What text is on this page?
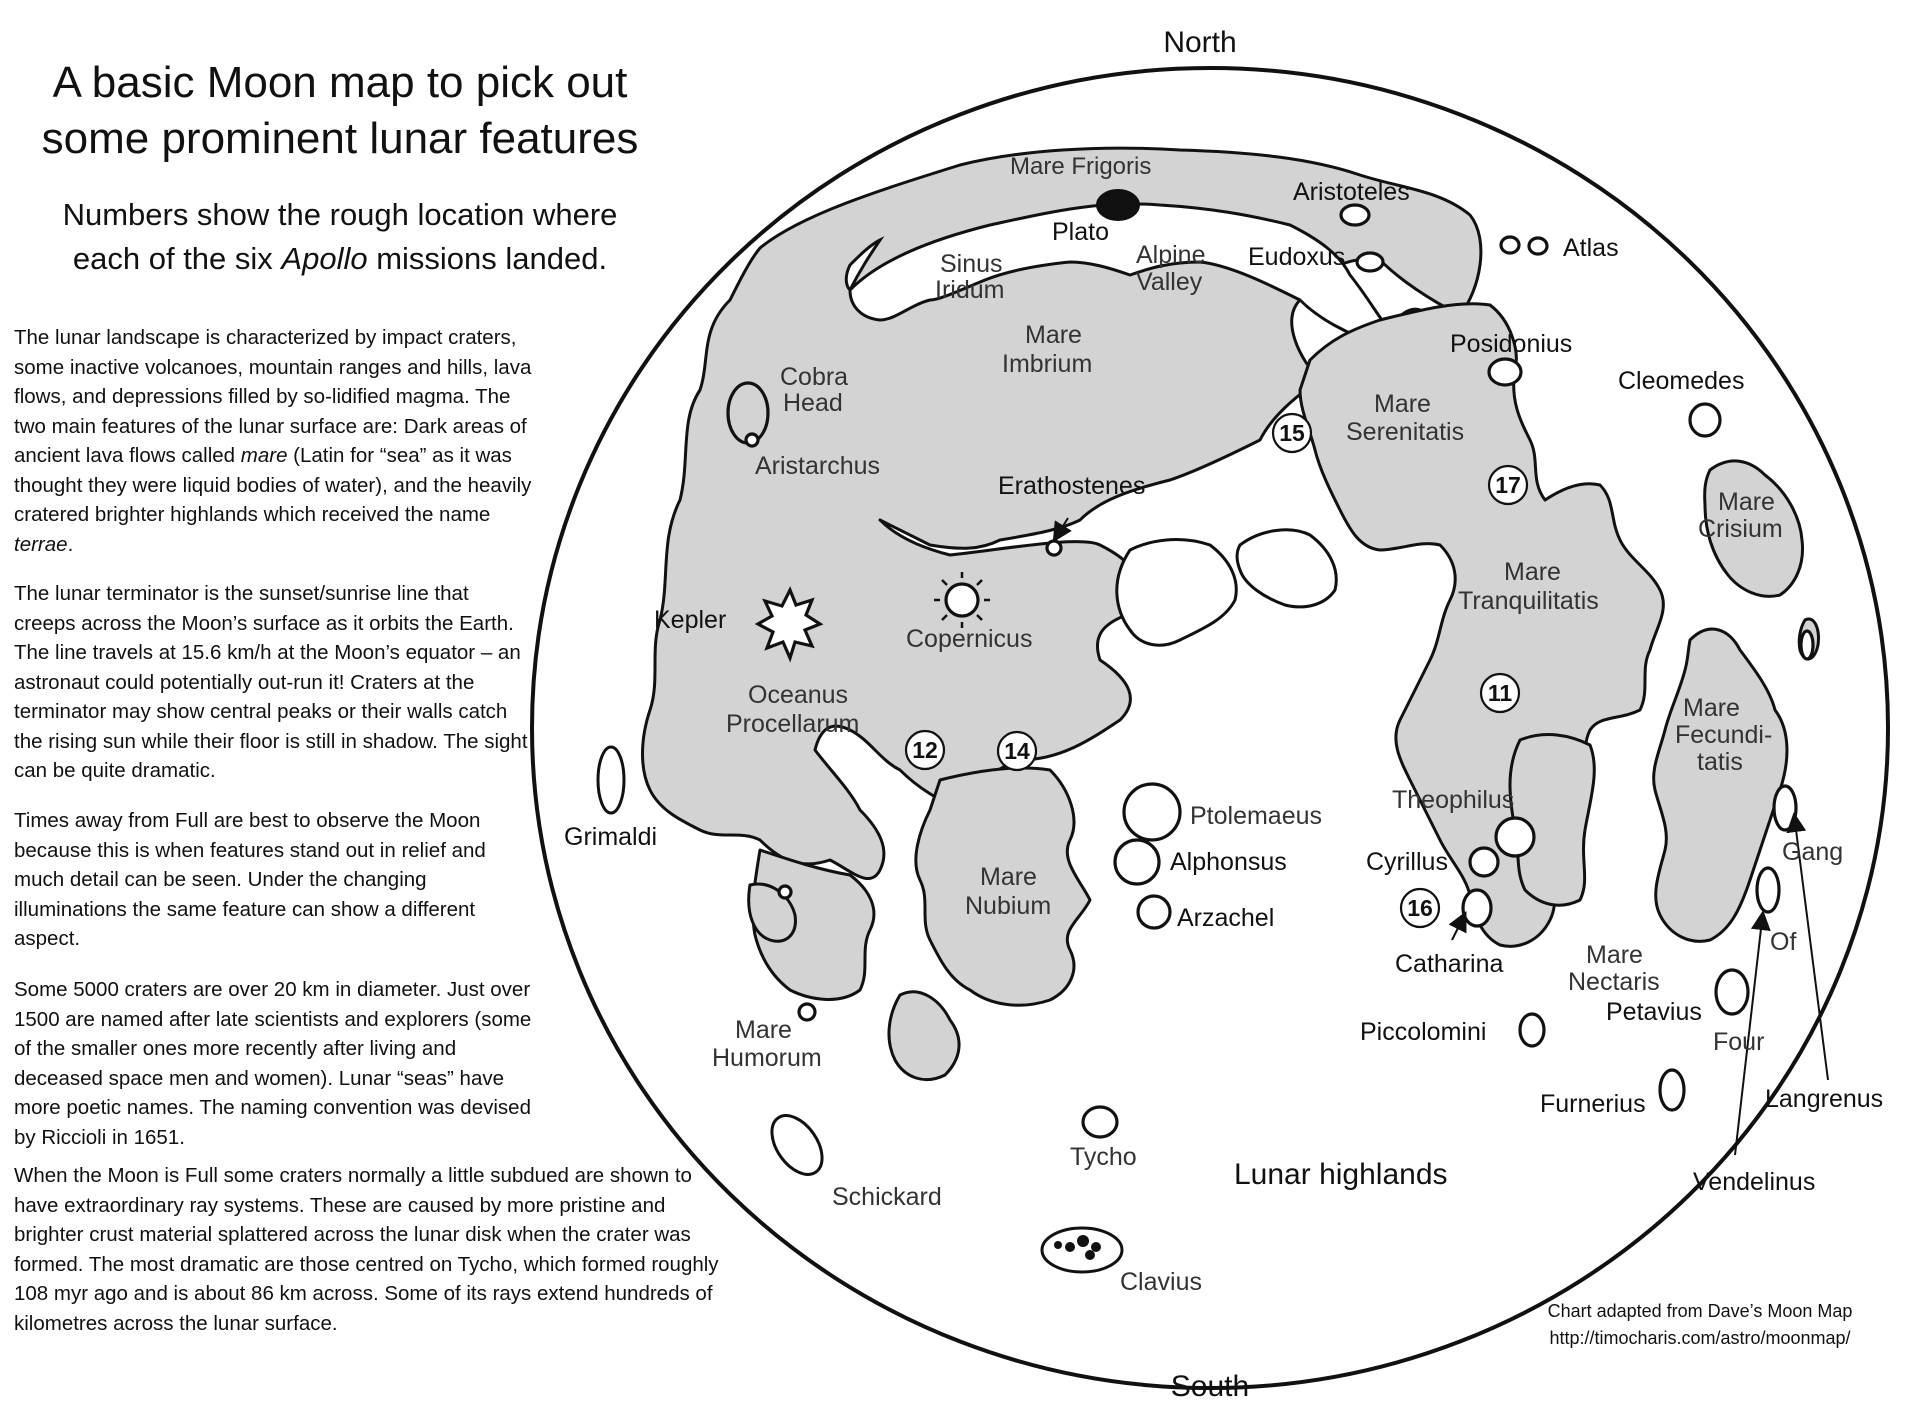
A basic Moon map to pick out
some prominent lunar features
Numbers show the rough location where
each of the six Apollo missions landed.
The lunar landscape is characterized by impact craters, some inactive volcanoes, mountain ranges and hills, lava flows, and depressions filled by so-lidified magma. The two main features of the lunar surface are: Dark areas of ancient lava flows called mare (Latin for “sea” as it was thought they were liquid bodies of water), and the heavily cratered brighter highlands which received the name terrae.
The lunar terminator is the sunset/sunrise line that creeps across the Moon’s surface as it orbits the Earth. The line travels at 15.6 km/h at the Moon’s equator – an astronaut could potentially out-run it! Craters at the terminator may show central peaks or their walls catch the rising sun while their floor is still in shadow. The sight can be quite dramatic.
Times away from Full are best to observe the Moon because this is when features stand out in relief and much detail can be seen. Under the changing illuminations the same feature can show a different aspect.
Some 5000 craters are over 20 km in diameter. Just over 1500 are named after late scientists and explorers (some of the smaller ones more recently after living and deceased space men and women). Lunar “seas” have more poetic names. The naming convention was devised by Riccioli in 1651.
When the Moon is Full some craters normally a little subdued are shown to have extraordinary ray systems. These are caused by more pristine and brighter crust material splattered across the lunar disk when the crater was formed. The most dramatic are those centred on Tycho, which formed roughly 108 myr ago and is about 86 km across. Some of its rays extend hundreds of kilometres across the lunar surface.
Chart adapted from Dave’s Moon Map
http://timocharis.com/astro/moonmap/
11
12	14
15
16
17
North
South
Mare Frigoris
Aristoteles
Plato
Atlas
Sinus
Iridum
Alpine
Valley
Eudoxus
Mare
Imbrium
Posidonius
Cobra
Head
Cleomedes
Mare
Serenitatis
Aristarchus
Erathostenes
Mare
Crisium
Mare
Tranquilitatis
Kepler
Copernicus
Oceanus
Procellarum
Mare
Fecundi-
tatis
Ptolemaeus
Theophilus
Grimaldi
Alphonsus	Cyrillus	Gang
Mare
Nubium	Arzachel
Catharina
Of
Mare
Nectaris
Petavius
Mare
Humorum
Piccolomini	Four
Furnerius	Langrenus
Tycho
Lunar highlands
Schickard
Vendelinus
Clavius
